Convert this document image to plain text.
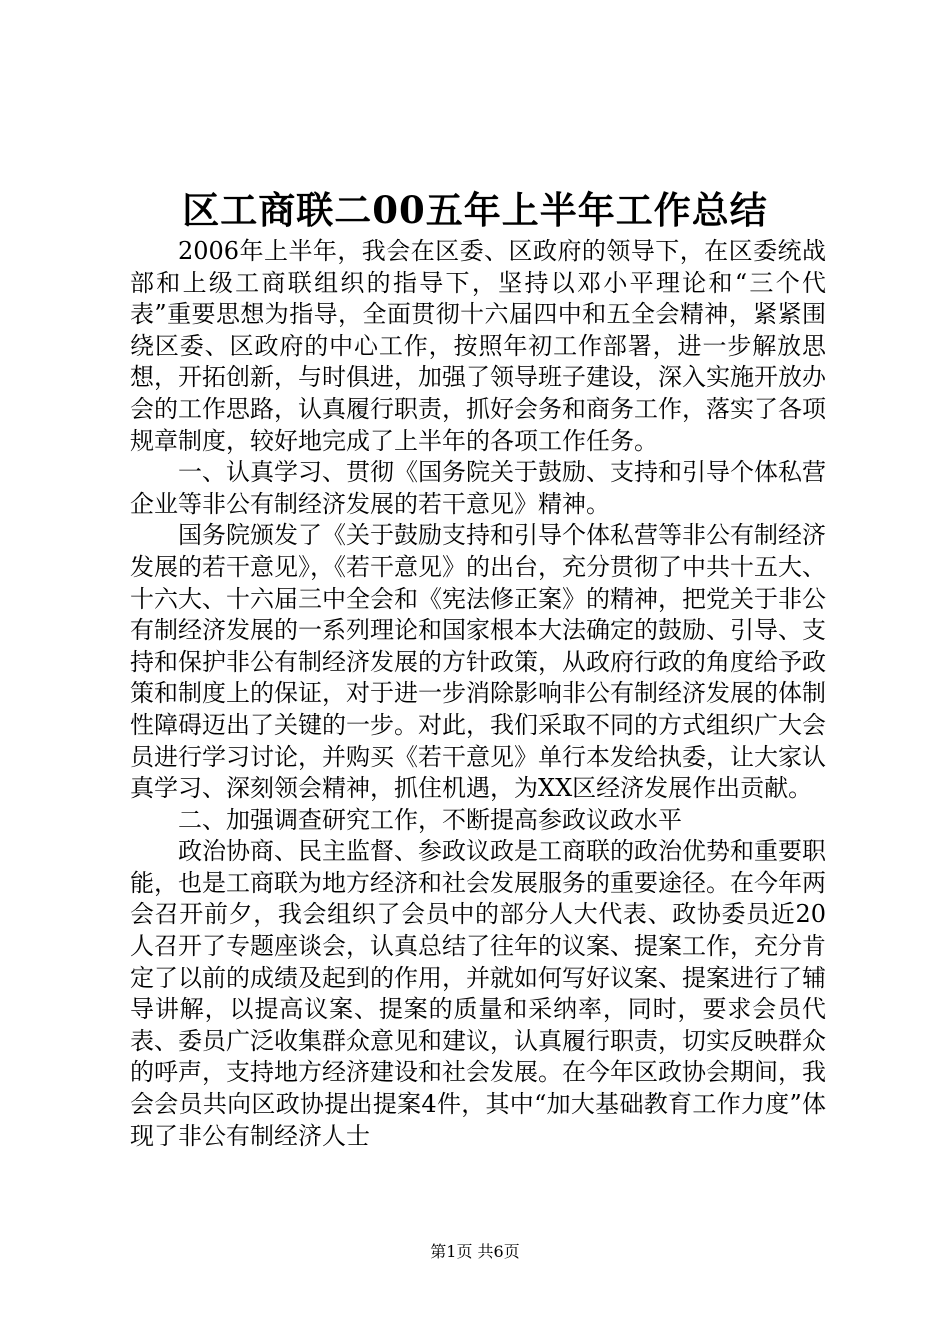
区工商联二00五年上半年工作总结

2006年上半年，我会在区委、区政府的领导下，在区委统战部和上级工商联组织的指导下，坚持以邓小平理论和“三个代表”重要思想为指导，全面贯彻十六届四中和五全会精神，紧紧围绕区委、区政府的中心工作，按照年初工作部署，进一步解放思想，开拓创新，与时俱进，加强了领导班子建设，深入实施开放办会的工作思路，认真履行职责，抓好会务和商务工作，落实了各项规章制度，较好地完成了上半年的各项工作任务。

一、认真学习、贯彻《国务院关于鼓励、支持和引导个体私营企业等非公有制经济发展的若干意见》精神。

国务院颁发了《关于鼓励支持和引导个体私营等非公有制经济发展的若干意见》，《若干意见》的出台，充分贯彻了中共十五大、十六大、十六届三中全会和《宪法修正案》的精神，把党关于非公有制经济发展的一系列理论和国家根本大法确定的鼓励、引导、支持和保护非公有制经济发展的方针政策，从政府行政的角度给予政策和制度上的保证，对于进一步消除影响非公有制经济发展的体制性障碍迈出了关键的一步。对此，我们采取不同的方式组织广大会员进行学习讨论，并购买《若干意见》单行本发给执委，让大家认真学习、深刻领会精神，抓住机遇，为XX区经济发展作出贡献。

二、加强调查研究工作，不断提高参政议政水平

政治协商、民主监督、参政议政是工商联的政治优势和重要职能，也是工商联为地方经济和社会发展服务的重要途径。在今年两会召开前夕，我会组织了会员中的部分人大代表、政协委员近20人召开了专题座谈会，认真总结了往年的议案、提案工作，充分肯定了以前的成绩及起到的作用，并就如何写好议案、提案进行了辅导讲解，以提高议案、提案的质量和采纳率，同时，要求会员代表、委员广泛收集群众意见和建议，认真履行职责，切实反映群众的呼声，支持地方经济建设和社会发展。在今年区政协会期间，我会会员共向区政协提出提案4件，其中“加大基础教育工作力度”体现了非公有制经济人士

第1页 共6页
